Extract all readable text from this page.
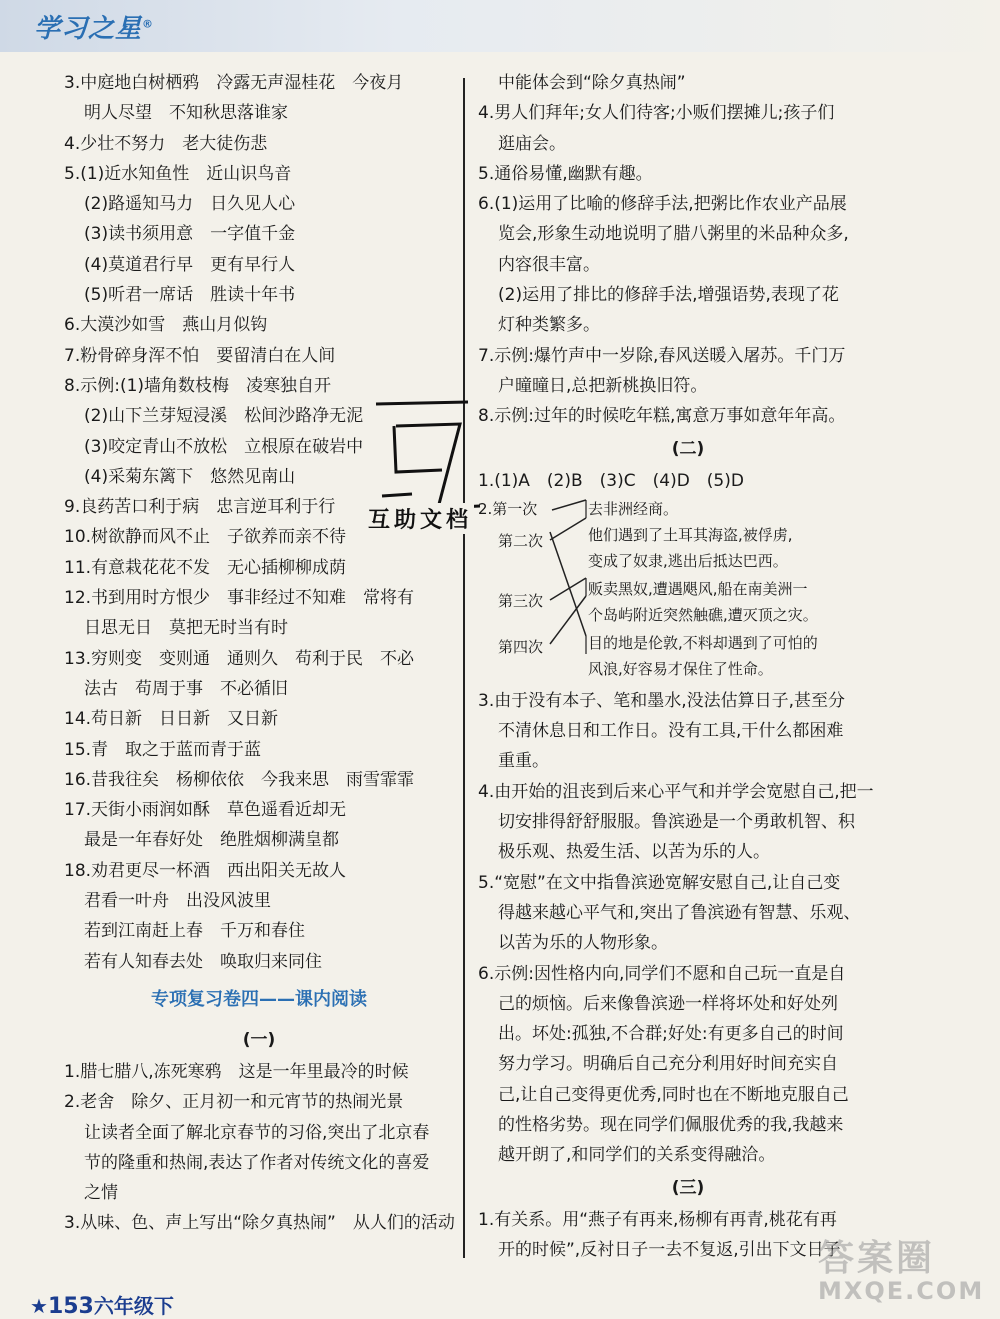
学习之星®
3.中庭地白树栖鸦　冷露无声湿桂花　今夜月
明人尽望　不知秋思落谁家
4.少壮不努力　老大徒伤悲
5.(1)近水知鱼性　近山识鸟音
(2)路遥知马力　日久见人心
(3)读书须用意　一字值千金
(4)莫道君行早　更有早行人
(5)听君一席话　胜读十年书
6.大漠沙如雪　燕山月似钩
7.粉骨碎身浑不怕　要留清白在人间
8.示例:(1)墙角数枝梅　凌寒独自开
(2)山下兰芽短浸溪　松间沙路净无泥
(3)咬定青山不放松　立根原在破岩中
(4)采菊东篱下　悠然见南山
9.良药苦口利于病　忠言逆耳利于行
10.树欲静而风不止　子欲养而亲不待
11.有意栽花花不发　无心插柳柳成荫
12.书到用时方恨少　事非经过不知难　常将有
日思无日　莫把无时当有时
13.穷则变　变则通　通则久　苟利于民　不必
法古　苟周于事　不必循旧
14.苟日新　日日新　又日新
15.青　取之于蓝而青于蓝
16.昔我往矣　杨柳依依　今我来思　雨雪霏霏
17.天街小雨润如酥　草色遥看近却无
最是一年春好处　绝胜烟柳满皇都
18.劝君更尽一杯酒　西出阳关无故人
君看一叶舟　出没风波里
若到江南赶上春　千万和春住
若有人知春去处　唤取归来同住
专项复习卷四——课内阅读
(一)
1.腊七腊八,冻死寒鸦　这是一年里最冷的时候
2.老舍　除夕、正月初一和元宵节的热闹光景
让读者全面了解北京春节的习俗,突出了北京春
节的隆重和热闹,表达了作者对传统文化的喜爱
之情
3.从味、色、声上写出“除夕真热闹”　从人们的活动
中能体会到“除夕真热闹”
4.男人们拜年;女人们待客;小贩们摆摊儿;孩子们
逛庙会。
5.通俗易懂,幽默有趣。
6.(1)运用了比喻的修辞手法,把粥比作农业产品展
览会,形象生动地说明了腊八粥里的米品种众多,
内容很丰富。
(2)运用了排比的修辞手法,增强语势,表现了花
灯种类繁多。
7.示例:爆竹声中一岁除,春风送暖入屠苏。千门万
户曈曈日,总把新桃换旧符。
8.示例:过年的时候吃年糕,寓意万事如意年年高。
(二)
1.(1)A　(2)B　(3)C　(4)D　(5)D
2.第一次
第二次
第三次
第四次
去非洲经商。
他们遇到了土耳其海盗,被俘虏,
变成了奴隶,逃出后抵达巴西。
贩卖黑奴,遭遇飓风,船在南美洲一
个岛屿附近突然触礁,遭灭顶之灾。
目的地是伦敦,不料却遇到了可怕的
风浪,好容易才保住了性命。
3.由于没有本子、笔和墨水,没法估算日子,甚至分
不清休息日和工作日。没有工具,干什么都困难
重重。
4.由开始的沮丧到后来心平气和并学会宽慰自己,把一
切安排得舒舒服服。鲁滨逊是一个勇敢机智、积
极乐观、热爱生活、以苦为乐的人。
5.“宽慰”在文中指鲁滨逊宽解安慰自己,让自己变
得越来越心平气和,突出了鲁滨逊有智慧、乐观、
以苦为乐的人物形象。
6.示例:因性格内向,同学们不愿和自己玩一直是自
己的烦恼。后来像鲁滨逊一样将坏处和好处列
出。坏处:孤独,不合群;好处:有更多自己的时间
努力学习。明确后自己充分利用好时间充实自
己,让自己变得更优秀,同时也在不断地克服自己
的性格劣势。现在同学们佩服优秀的我,我越来
越开朗了,和同学们的关系变得融洽。
(三)
1.有关系。用“燕子有再来,杨柳有再青,桃花有再
开的时候”,反衬日子一去不复返,引出下文日子
互助文档
★153六年级下
答案圈
MXQE.COM
